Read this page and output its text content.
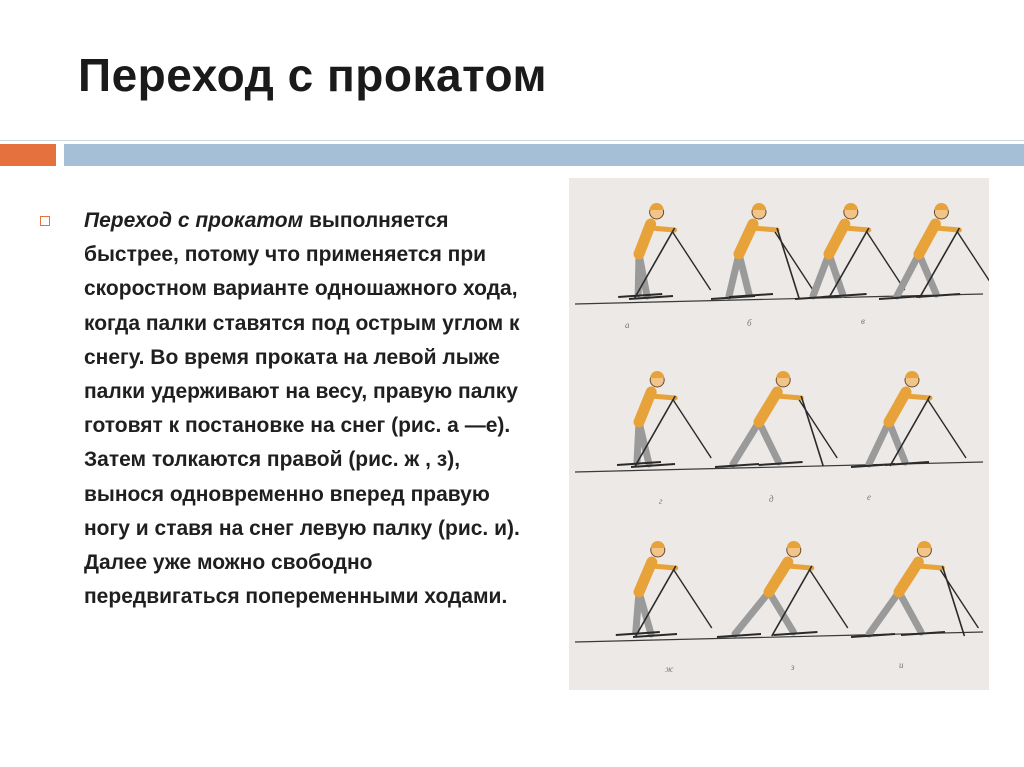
Переход с прокатом
Переход с прокатом выполняется быстрее, потому что применяется при скоростном варианте одношажного хода, когда палки ставятся под острым углом к снегу. Во время проката на левой лыже палки удерживают на весу, правую палку готовят к постановке на снег (рис. а —е). Затем толкаются правой (рис. ж , з), вынося одновременно вперед правую ногу и ставя на снег левую палку (рис. и). Далее уже можно свободно передвигаться попеременными ходами.
а	б	в
г	д	е
ж	з	и
